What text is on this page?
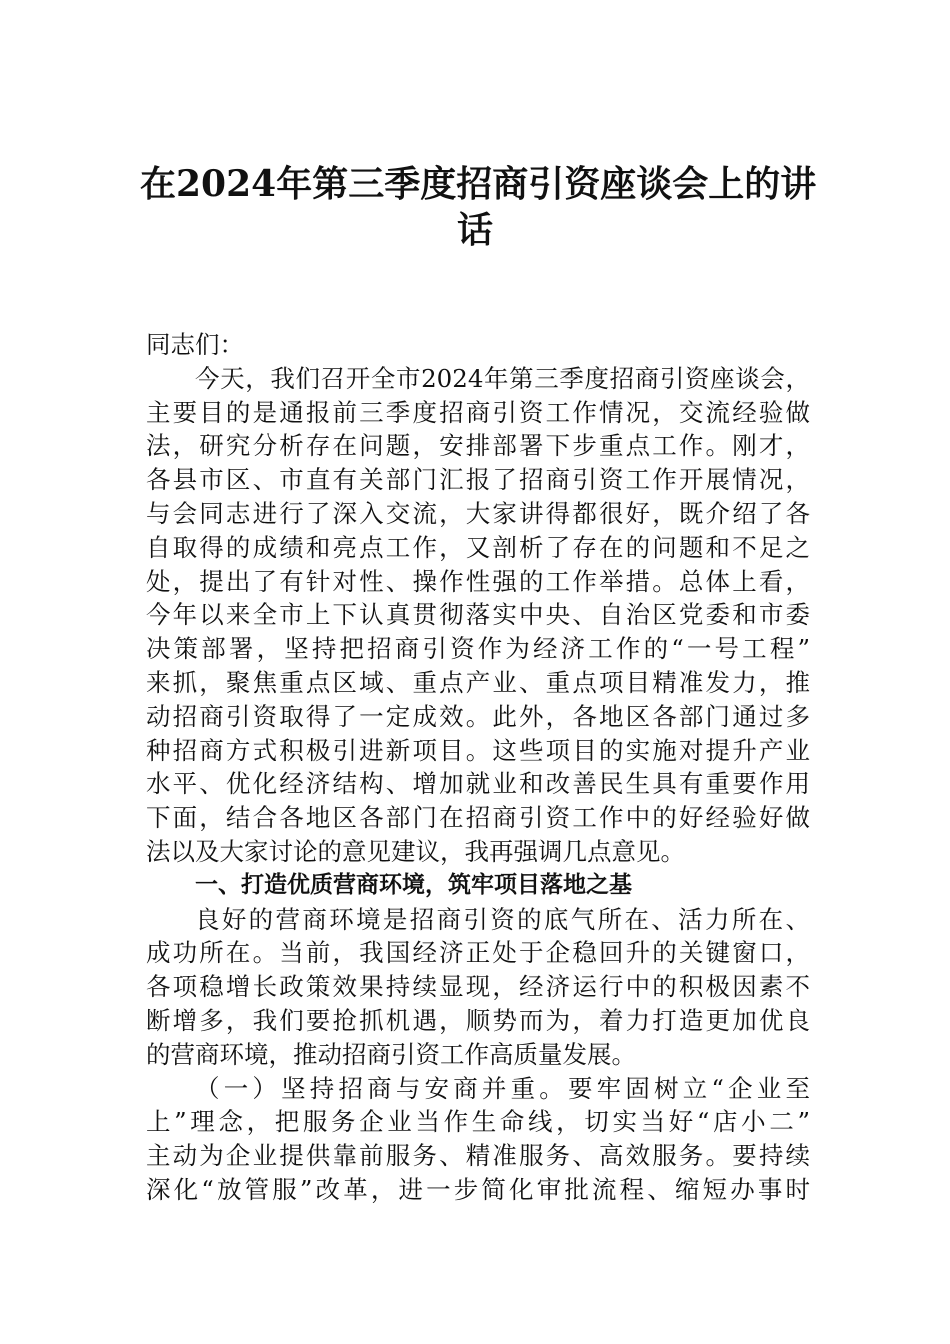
在2024年第三季度招商引资座谈会上的讲
话

同志们：

今天，我们召开全市2024年第三季度招商引资座谈会，
主要目的是通报前三季度招商引资工作情况，交流经验做
法，研究分析存在问题，安排部署下步重点工作。刚才，
各县市区、市直有关部门汇报了招商引资工作开展情况，
与会同志进行了深入交流，大家讲得都很好，既介绍了各
自取得的成绩和亮点工作，又剖析了存在的问题和不足之
处，提出了有针对性、操作性强的工作举措。总体上看，
今年以来全市上下认真贯彻落实中央、自治区党委和市委
决策部署，坚持把招商引资作为经济工作的“一号工程”
来抓，聚焦重点区域、重点产业、重点项目精准发力，推
动招商引资取得了一定成效。此外，各地区各部门通过多
种招商方式积极引进新项目。这些项目的实施对提升产业
水平、优化经济结构、增加就业和改善民生具有重要作用
下面，结合各地区各部门在招商引资工作中的好经验好做
法以及大家讨论的意见建议，我再强调几点意见。

一、打造优质营商环境，筑牢项目落地之基

良好的营商环境是招商引资的底气所在、活力所在、
成功所在。当前，我国经济正处于企稳回升的关键窗口，
各项稳增长政策效果持续显现，经济运行中的积极因素不
断增多，我们要抢抓机遇，顺势而为，着力打造更加优良
的营商环境，推动招商引资工作高质量发展。

（一）坚持招商与安商并重。要牢固树立“企业至
上”理念，把服务企业当作生命线，切实当好“店小二”
主动为企业提供靠前服务、精准服务、高效服务。要持续
深化“放管服”改革，进一步简化审批流程、缩短办事时
